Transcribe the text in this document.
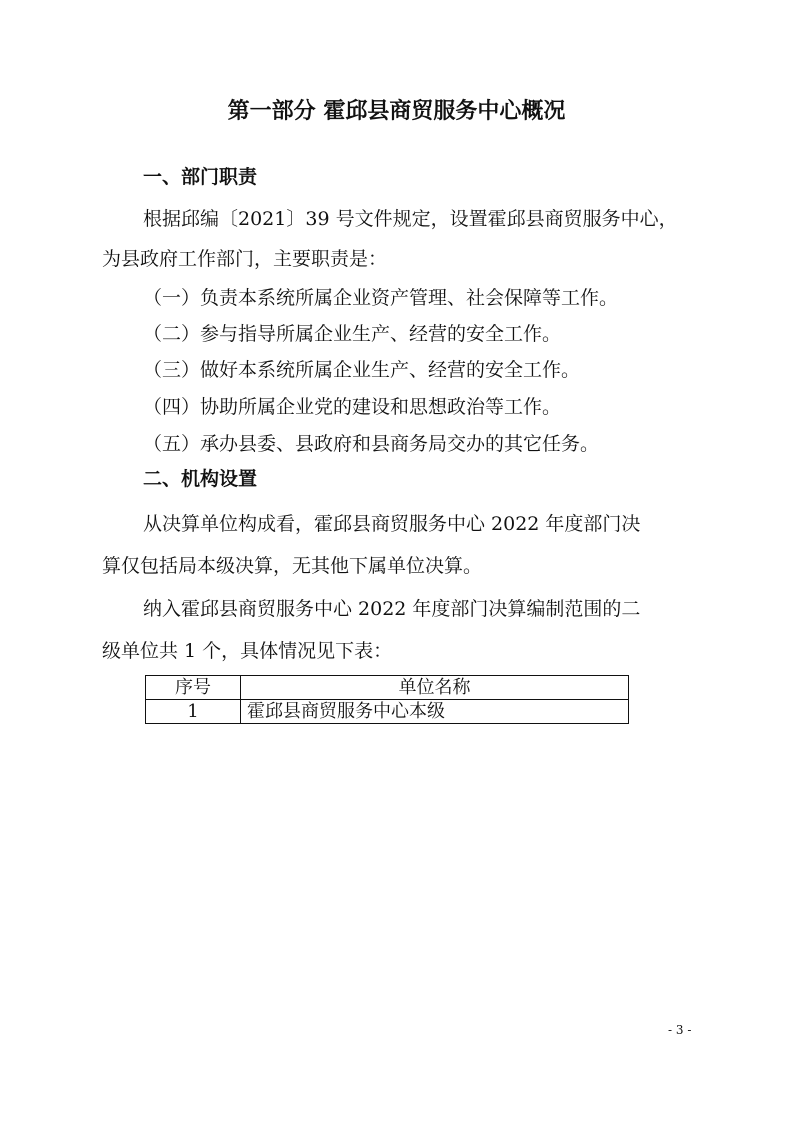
第一部分 霍邱县商贸服务中心概况
一、部门职责

根据邱编〔2021〕39 号文件规定，设置霍邱县商贸服务中心，

为县政府工作部门，主要职责是：

（一）负责本系统所属企业资产管理、社会保障等工作。

（二）参与指导所属企业生产、经营的安全工作。

（三）做好本系统所属企业生产、经营的安全工作。

（四）协助所属企业党的建设和思想政治等工作。

（五）承办县委、县政府和县商务局交办的其它任务。

二、机构设置

从决算单位构成看，霍邱县商贸服务中心 2022 年度部门决

算仅包括局本级决算，无其他下属单位决算。

纳入霍邱县商贸服务中心 2022 年度部门决算编制范围的二

级单位共 1 个，具体情况见下表：

序号	单位名称
1	霍邱县商贸服务中心本级
- 3 -
